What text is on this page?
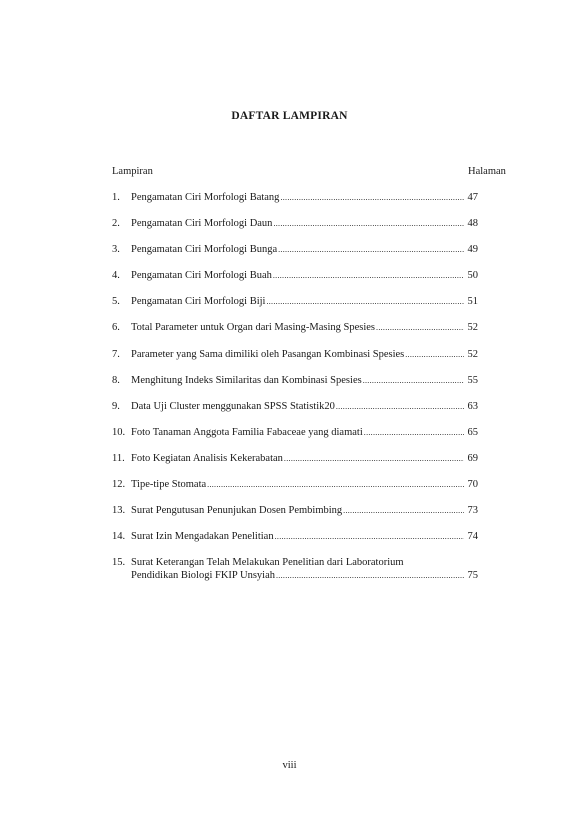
DAFTAR LAMPIRAN
Lampiran	Halaman
1.	Pengamatan Ciri Morfologi Batang .....	47
2.	Pengamatan Ciri Morfologi Daun .....	48
3.	Pengamatan Ciri Morfologi Bunga .....	49
4.	Pengamatan Ciri Morfologi Buah .....	50
5.	Pengamatan Ciri Morfologi Biji .....	51
6.	Total Parameter untuk Organ dari Masing-Masing Spesies .....	52
7.	Parameter yang Sama dimiliki oleh Pasangan Kombinasi Spesies .....	52
8.	Menghitung Indeks Similaritas dan Kombinasi Spesies .....	55
9.	Data Uji Cluster menggunakan SPSS Statistik20 .....	63
10. Foto Tanaman Anggota Familia Fabaceae yang diamati .....	65
11. Foto Kegiatan Analisis Kekerabatan .....	69
12. Tipe-tipe Stomata .....	70
13. Surat Pengutusan Penunjukan Dosen Pembimbing .....	73
14. Surat Izin Mengadakan Penelitian .....	74
15. Surat Keterangan Telah Melakukan Penelitian dari Laboratorium
Pendidikan Biologi FKIP Unsyiah .....	75
viii
